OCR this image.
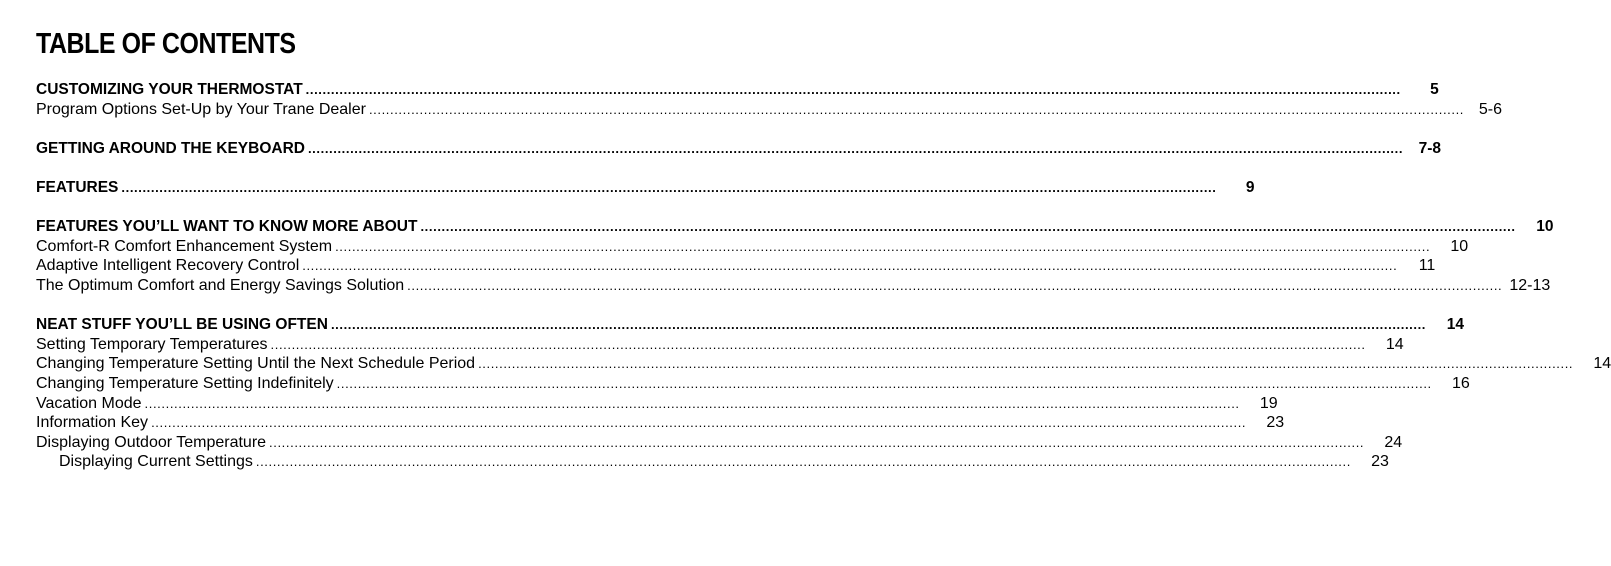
TABLE OF CONTENTS
CUSTOMIZING YOUR THERMOSTAT ....................................................................................................................................................................................................................................................................	5
Program Options Set-Up by Your Trane Dealer .................................................................................................................................................................................................................................................................... 5-6
GETTING AROUND THE KEYBOARD ....................................................................................................................................................................................................................................................................	7-8
FEATURES ....................................................................................................................................................................................................................................................................	9
FEATURES YOU’LL WANT TO KNOW MORE ABOUT ....................................................................................................................................................................................................................................................................	10
Comfort-R Comfort Enhancement System ....................................................................................................................................................................................................................................................................	10
Adaptive Intelligent Recovery Control ....................................................................................................................................................................................................................................................................	11
The Optimum Comfort and Energy Savings Solution .................................................................................................................................................................................................................................................................... 12-13
NEAT STUFF YOU’LL BE USING OFTEN ....................................................................................................................................................................................................................................................................	14
Setting Temporary Temperatures ....................................................................................................................................................................................................................................................................	14
Changing Temperature Setting Until the Next Schedule Period ....................................................................................................................................................................................................................................................................	14
Changing Temperature Setting Indefinitely ....................................................................................................................................................................................................................................................................	16
Vacation Mode ....................................................................................................................................................................................................................................................................	19
Information Key ....................................................................................................................................................................................................................................................................	23
Displaying Outdoor Temperature ....................................................................................................................................................................................................................................................................	24
Displaying Current Settings ....................................................................................................................................................................................................................................................................	23
